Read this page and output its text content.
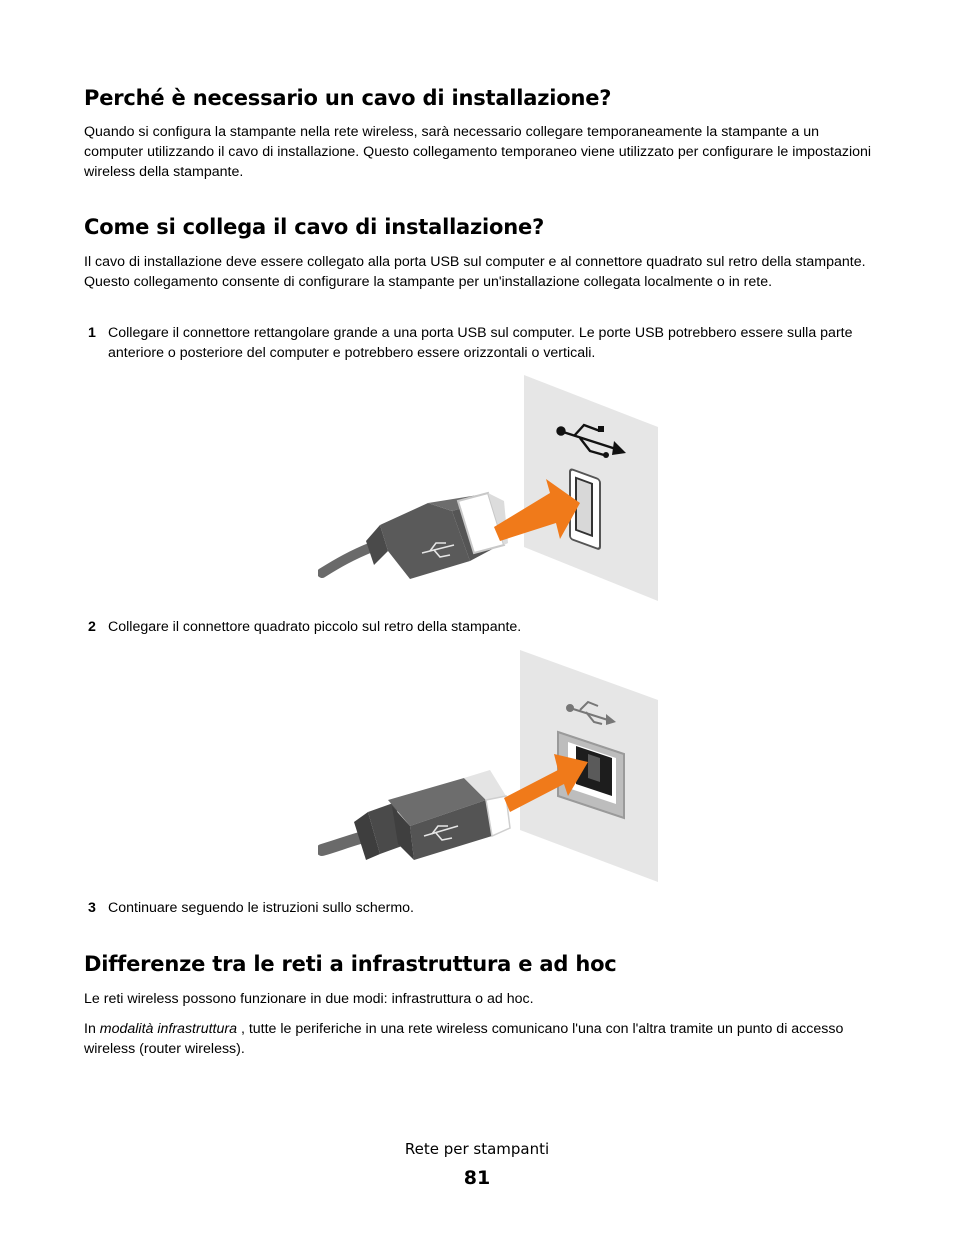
Perché è necessario un cavo di installazione?

Quando si configura la stampante nella rete wireless, sarà necessario collegare temporaneamente la stampante a un computer utilizzando il cavo di installazione. Questo collegamento temporaneo viene utilizzato per configurare le impostazioni wireless della stampante.

Come si collega il cavo di installazione?

Il cavo di installazione deve essere collegato alla porta USB sul computer e al connettore quadrato sul retro della stampante. Questo collegamento consente di configurare la stampante per un'installazione collegata localmente o in rete.

1 Collegare il connettore rettangolare grande a una porta USB sul computer. Le porte USB potrebbero essere sulla parte anteriore o posteriore del computer e potrebbero essere orizzontali o verticali.
2 Collegare il connettore quadrato piccolo sul retro della stampante.
3 Continuare seguendo le istruzioni sullo schermo.
Differenze tra le reti a infrastruttura e ad hoc

Le reti wireless possono funzionare in due modi: infrastruttura o ad hoc.

In modalità infrastruttura , tutte le periferiche in una rete wireless comunicano l'una con l'altra tramite un punto di accesso wireless (router wireless).

Rete per stampanti
81
